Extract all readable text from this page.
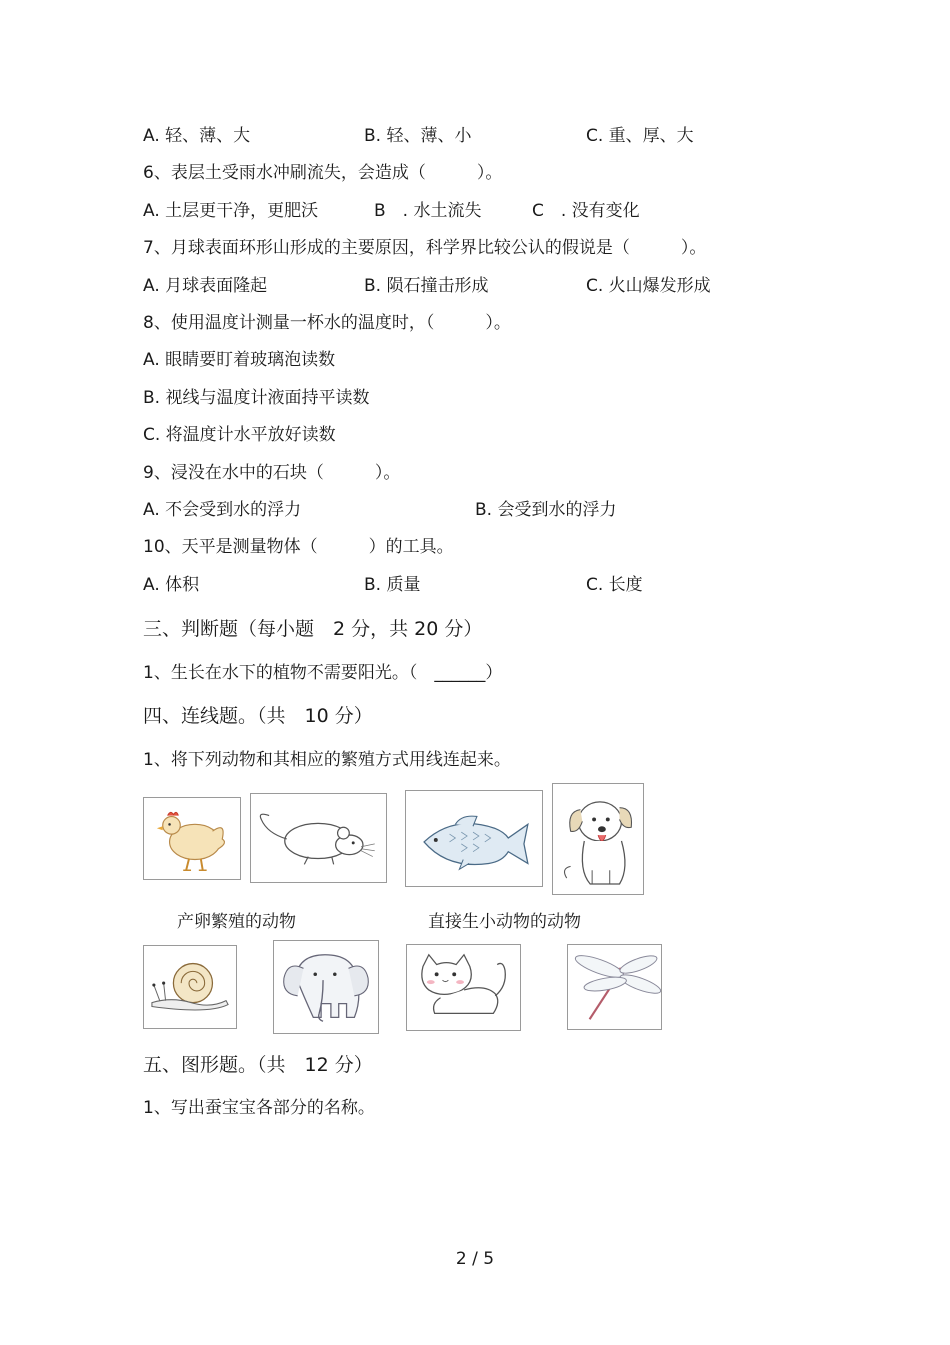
A. 轻、薄、大	B. 轻、薄、小	C. 重、厚、大
6、表层土受雨水冲刷流失，会造成（　　　）。
A. 土层更干净，更肥沃	B　. 水土流失	C　. 没有变化
7、月球表面环形山形成的主要原因，科学界比较公认的假说是（　　　）。
A. 月球表面隆起	B. 陨石撞击形成	C. 火山爆发形成
8、使用温度计测量一杯水的温度时，（　　　）。
A. 眼睛要盯着玻璃泡读数
B. 视线与温度计液面持平读数
C. 将温度计水平放好读数
9、浸没在水中的石块（　　　）。
A. 不会受到水的浮力	B. 会受到水的浮力
10、天平是测量物体（　　　）的工具。
A. 体积	B. 质量	C. 长度
三、判断题（每小题　2 分，共 20 分）
1、生长在水下的植物不需要阳光。（　______）
四、连线题。（共　10 分）
1、将下列动物和其相应的繁殖方式用线连起来。
产卵繁殖的动物	直接生小动物的动物
五、图形题。（共　12 分）
1、写出蚕宝宝各部分的名称。
2 / 5
